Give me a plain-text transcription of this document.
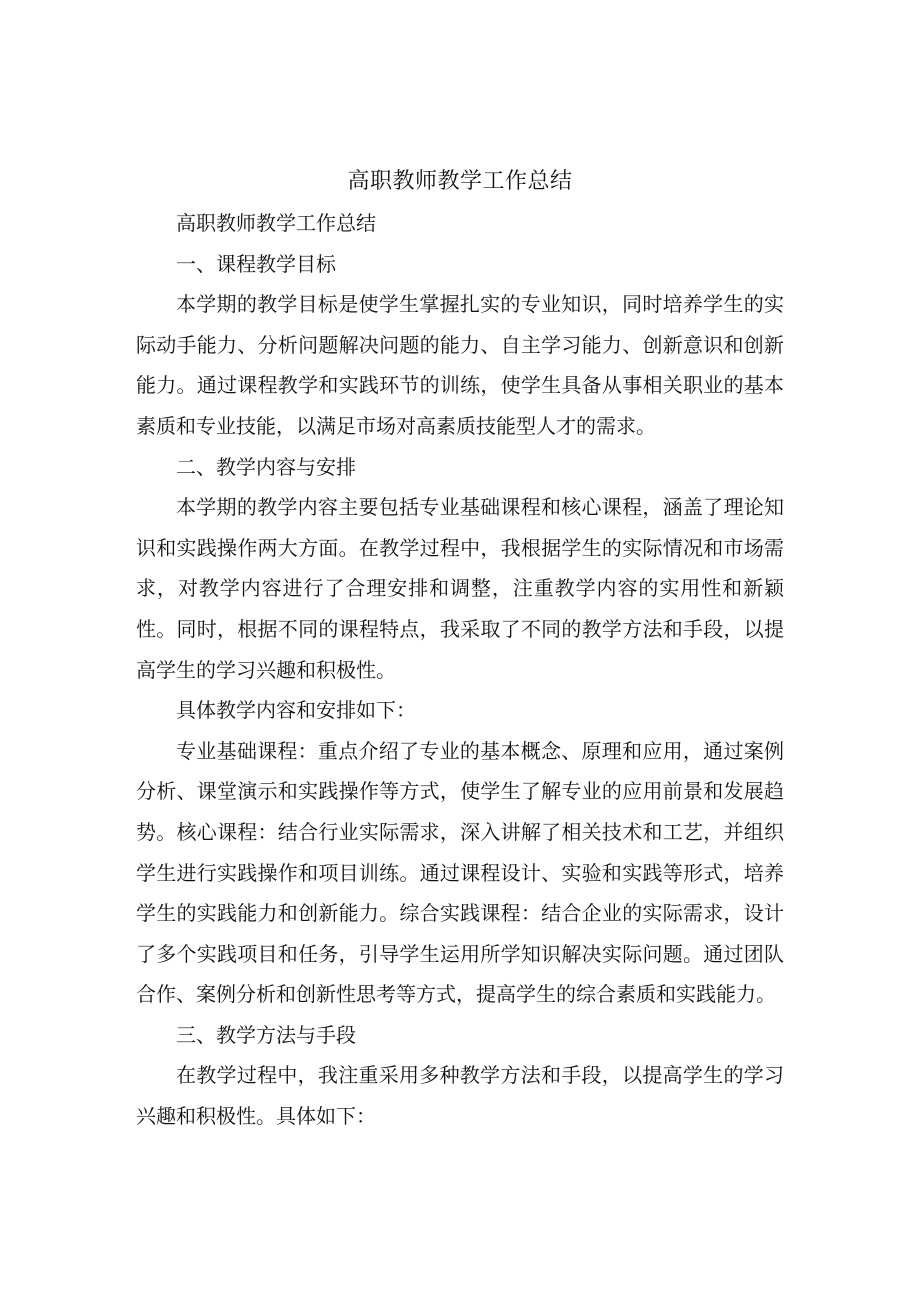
高职教师教学工作总结

高职教师教学工作总结

一、课程教学目标

本学期的教学目标是使学生掌握扎实的专业知识，同时培养学生的实际动手能力、分析问题解决问题的能力、自主学习能力、创新意识和创新能力。通过课程教学和实践环节的训练，使学生具备从事相关职业的基本素质和专业技能，以满足市场对高素质技能型人才的需求。

二、教学内容与安排

本学期的教学内容主要包括专业基础课程和核心课程，涵盖了理论知识和实践操作两大方面。在教学过程中，我根据学生的实际情况和市场需求，对教学内容进行了合理安排和调整，注重教学内容的实用性和新颖性。同时，根据不同的课程特点，我采取了不同的教学方法和手段，以提高学生的学习兴趣和积极性。

具体教学内容和安排如下：

专业基础课程：重点介绍了专业的基本概念、原理和应用，通过案例分析、课堂演示和实践操作等方式，使学生了解专业的应用前景和发展趋势。核心课程：结合行业实际需求，深入讲解了相关技术和工艺，并组织学生进行实践操作和项目训练。通过课程设计、实验和实践等形式，培养学生的实践能力和创新能力。综合实践课程：结合企业的实际需求，设计了多个实践项目和任务，引导学生运用所学知识解决实际问题。通过团队合作、案例分析和创新性思考等方式，提高学生的综合素质和实践能力。

三、教学方法与手段

在教学过程中，我注重采用多种教学方法和手段，以提高学生的学习兴趣和积极性。具体如下：
